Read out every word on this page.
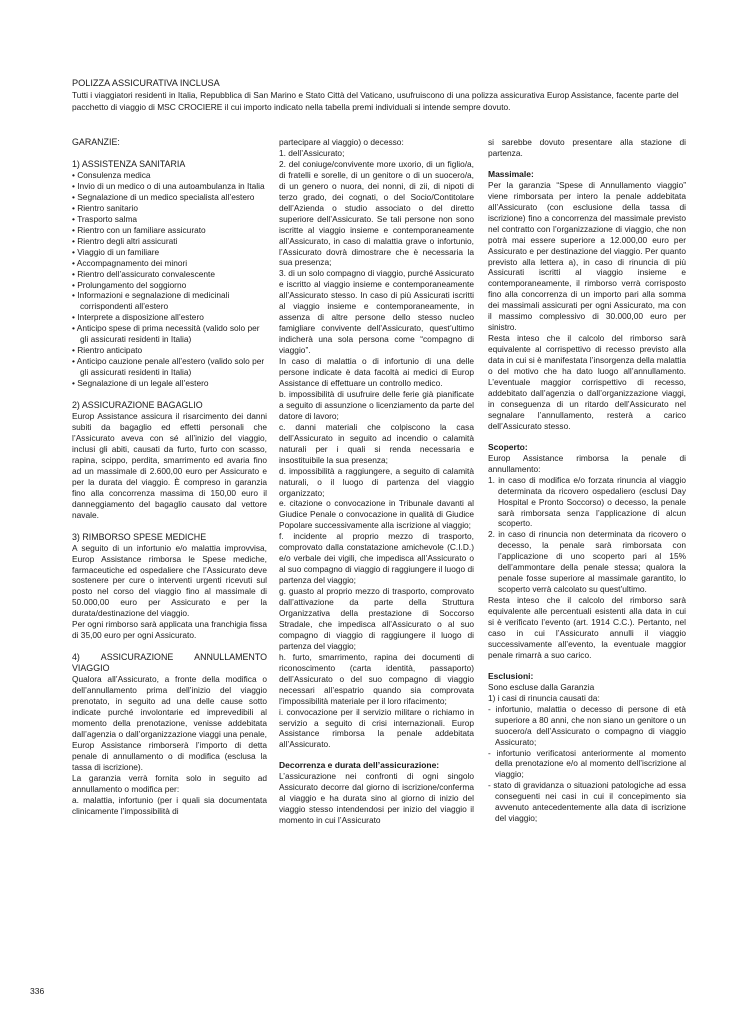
POLIZZA ASSICURATIVA INCLUSA

Tutti i viaggiatori residenti in Italia, Repubblica di San Marino e Stato Città del Vaticano, usufruiscono di una polizza assicurativa Europ Assistance, facente parte del pacchetto di viaggio di MSC CROCIERE il cui importo indicato nella tabella premi individuali si intende sempre dovuto.

GARANZIE:

1) ASSISTENZA SANITARIA

• Consulenza medica
• Invio di un medico o di una autoambulanza in Italia
• Segnalazione di un medico specialista all’estero
• Rientro sanitario
• Trasporto salma
• Rientro con un familiare assicurato
• Rientro degli altri assicurati
• Viaggio di un familiare
• Accompagnamento dei minori
• Rientro dell’assicurato convalescente
• Prolungamento del soggiorno
• Informazioni e segnalazione di medicinali corrispondenti all’estero
• Interprete a disposizione all’estero
• Anticipo spese di prima necessità (valido solo per gli assicurati residenti in Italia)
• Rientro anticipato
• Anticipo cauzione penale all’estero (valido solo per gli assicurati residenti in Italia)
• Segnalazione di un legale all’estero

2) ASSICURAZIONE BAGAGLIO

Europ Assistance assicura il risarcimento dei danni subiti da bagaglio ed effetti personali che l’Assicurato aveva con sé all’inizio del viaggio, inclusi gli abiti, causati da furto, furto con scasso, rapina, scippo, perdita, smarrimento ed avaria fino ad un massimale di 2.600,00 euro per Assicurato e per la durata del viaggio. È compreso in garanzia fino alla concorrenza massima di 150,00 euro il danneggiamento del bagaglio causato dal vettore navale.

3) RIMBORSO SPESE MEDICHE

A seguito di un infortunio e/o malattia improvvisa, Europ Assistance rimborsa le Spese mediche, farmaceutiche ed ospedaliere che l’Assicurato deve sostenere per cure o interventi urgenti ricevuti sul posto nel corso del viaggio fino al massimale di 50.000,00 euro per Assicurato e per la durata/destinazione del viaggio.

Per ogni rimborso sarà applicata una franchigia fissa di 35,00 euro per ogni Assicurato.

4) ASSICURAZIONE ANNULLAMENTO VIAGGIO

Qualora all’Assicurato, a fronte della modifica o dell’annullamento prima dell’inizio del viaggio prenotato, in seguito ad una delle cause sotto indicate purché involontarie ed imprevedibili al momento della prenotazione, venisse addebitata dall’agenzia o dall’organizzazione viaggi una penale, Europ Assistance rimborserà l’importo di detta penale di annullamento o di modifica (esclusa la tassa di iscrizione).

La garanzia verrà fornita solo in seguito ad annullamento o modifica per:

a. malattia, infortunio (per i quali sia documentata clinicamente l’impossibilità di

partecipare al viaggio) o decesso:

1. dell’Assicurato;

2. del coniuge/convivente more uxorio, di un figlio/a, di fratelli e sorelle, di un genitore o di un suocero/a, di un genero o nuora, dei nonni, di zii, di nipoti di terzo grado, dei cognati, o del Socio/Contitolare dell’Azienda o studio associato o del diretto superiore dell’Assicurato. Se tali persone non sono iscritte al viaggio insieme e contemporaneamente all’Assicurato, in caso di malattia grave o infortunio, l’Assicurato dovrà dimostrare che è necessaria la sua presenza;

3. di un solo compagno di viaggio, purché Assicurato e iscritto al viaggio insieme e contemporaneamente all’Assicurato stesso. In caso di più Assicurati iscritti al viaggio insieme e contemporaneamente, in assenza di altre persone dello stesso nucleo famigliare convivente dell’Assicurato, quest’ultimo indicherà una sola persona come “compagno di viaggio”.

In caso di malattia o di infortunio di una delle persone indicate è data facoltà ai medici di Europ Assistance di effettuare un controllo medico.

b. impossibilità di usufruire delle ferie già pianificate a seguito di assunzione o licenziamento da parte del datore di lavoro;

c. danni materiali che colpiscono la casa dell’Assicurato in seguito ad incendio o calamità naturali per i quali si renda necessaria e insostituibile la sua presenza;

d. impossibilità a raggiungere, a seguito di calamità naturali, o il luogo di partenza del viaggio organizzato;

e. citazione o convocazione in Tribunale davanti al Giudice Penale o convocazione in qualità di Giudice Popolare successivamente alla iscrizione al viaggio;

f. incidente al proprio mezzo di trasporto, comprovato dalla constatazione amichevole (C.I.D.) e/o verbale dei vigili, che impedisca all’Assicurato o al suo compagno di viaggio di raggiungere il luogo di partenza del viaggio;

g. guasto al proprio mezzo di trasporto, comprovato dall’attivazione da parte della Struttura Organizzativa della prestazione di Soccorso Stradale, che impedisca all’Assicurato o al suo compagno di viaggio di raggiungere il luogo di partenza del viaggio;

h. furto, smarrimento, rapina dei documenti di riconoscimento (carta identità, passaporto) dell’Assicurato o del suo compagno di viaggio necessari all’espatrio quando sia comprovata l’impossibilità materiale per il loro rifacimento;

i. convocazione per il servizio militare o richiamo in servizio a seguito di crisi internazionali. Europ Assistance rimborsa la penale addebitata all’Assicurato.

Decorrenza e durata dell’assicurazione:

L’assicurazione nei confronti di ogni singolo Assicurato decorre dal giorno di iscrizione/conferma al viaggio e ha durata sino al giorno di inizio del viaggio stesso intendendosi per inizio del viaggio il momento in cui l’Assicurato

si sarebbe dovuto presentare alla stazione di partenza.

Massimale:

Per la garanzia “Spese di Annullamento viaggio” viene rimborsata per intero la penale addebitata all’Assicurato (con esclusione della tassa di iscrizione) fino a concorrenza del massimale previsto nel contratto con l’organizzazione di viaggio, che non potrà mai essere superiore a 12.000,00 euro per Assicurato e per destinazione del viaggio. Per quanto previsto alla lettera a), in caso di rinuncia di più Assicurati iscritti al viaggio insieme e contemporaneamente, il rimborso verrà corrisposto fino alla concorrenza di un importo pari alla somma dei massimali assicurati per ogni Assicurato, ma con il massimo complessivo di 30.000,00 euro per sinistro.

Resta inteso che il calcolo del rimborso sarà equivalente al corrispettivo di recesso previsto alla data in cui si è manifestata l’insorgenza della malattia o del motivo che ha dato luogo all’annullamento. L’eventuale maggior corrispettivo di recesso, addebitato dall’agenzia o dall’organizzazione viaggi, in conseguenza di un ritardo dell’Assicurato nel segnalare l’annullamento, resterà a carico dell’Assicurato stesso.

Scoperto:

Europ Assistance rimborsa la penale di annullamento:

1. in caso di modifica e/o forzata rinuncia al viaggio determinata da ricovero ospedaliero (esclusi Day Hospital e Pronto Soccorso) o decesso, la penale sarà rimborsata senza l’applicazione di alcun scoperto.
2. in caso di rinuncia non determinata da ricovero o decesso, la penale sarà rimborsata con l’applicazione di uno scoperto pari al 15% dell’ammontare della penale stessa; qualora la penale fosse superiore al massimale garantito, lo scoperto verrà calcolato su quest’ultimo.

Resta inteso che il calcolo del rimborso sarà equivalente alle percentuali esistenti alla data in cui si è verificato l’evento (art. 1914 C.C.). Pertanto, nel caso in cui l’Assicurato annulli il viaggio successivamente all’evento, la eventuale maggior penale rimarrà a suo carico.

Esclusioni:

Sono escluse dalla Garanzia

1) i casi di rinuncia causati da:

- infortunio, malattia o decesso di persone di età superiore a 80 anni, che non siano un genitore o un suocero/a dell’Assicurato o compagno di viaggio Assicurato;
- infortunio verificatosi anteriormente al momento della prenotazione e/o al momento dell’iscrizione al viaggio;
- stato di gravidanza o situazioni patologiche ad essa conseguenti nei casi in cui il concepimento sia avvenuto antecedentemente alla data di iscrizione del viaggio;
336
